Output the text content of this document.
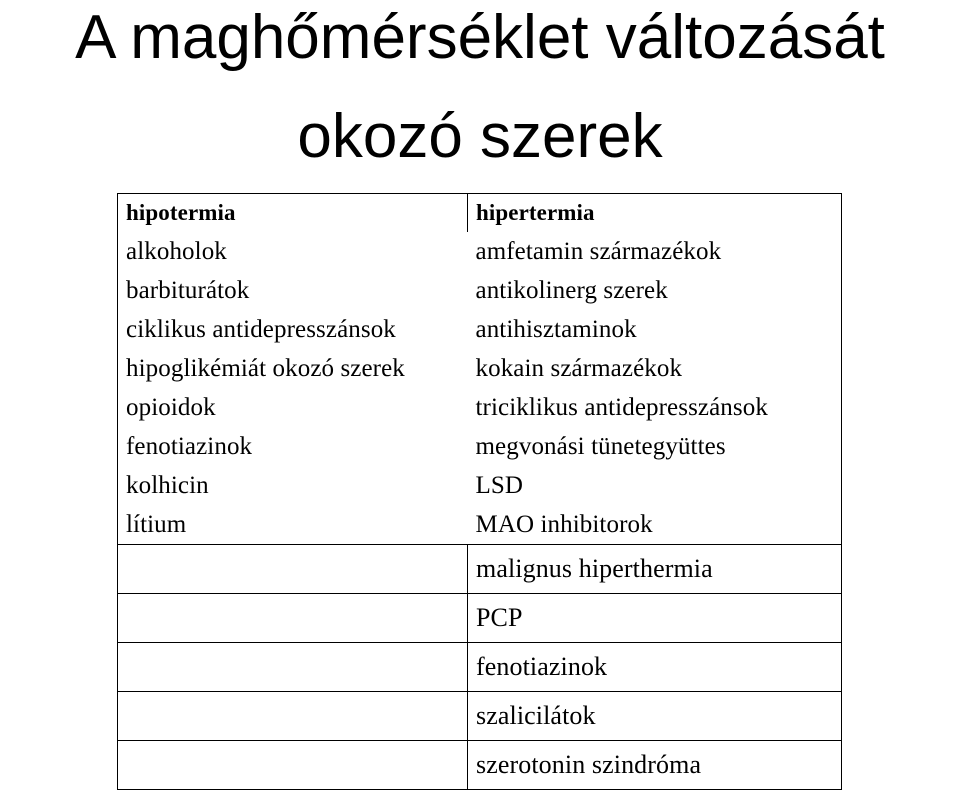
A maghőmérséklet változását
okozó szerek
hipotermia	hipertermia
alkoholok	amfetamin származékok
barbiturátok	antikolinerg szerek
ciklikus antidepresszánsok	antihisztaminok
hipoglikémiát okozó szerek	kokain származékok
opioidok	triciklikus antidepresszánsok
fenotiazinok	megvonási tünetegyüttes
kolhicin	LSD
lítium	MAO inhibitorok
	malignus hiperthermia
	PCP
	fenotiazinok
	szalicilátok
	szerotonin szindróma
